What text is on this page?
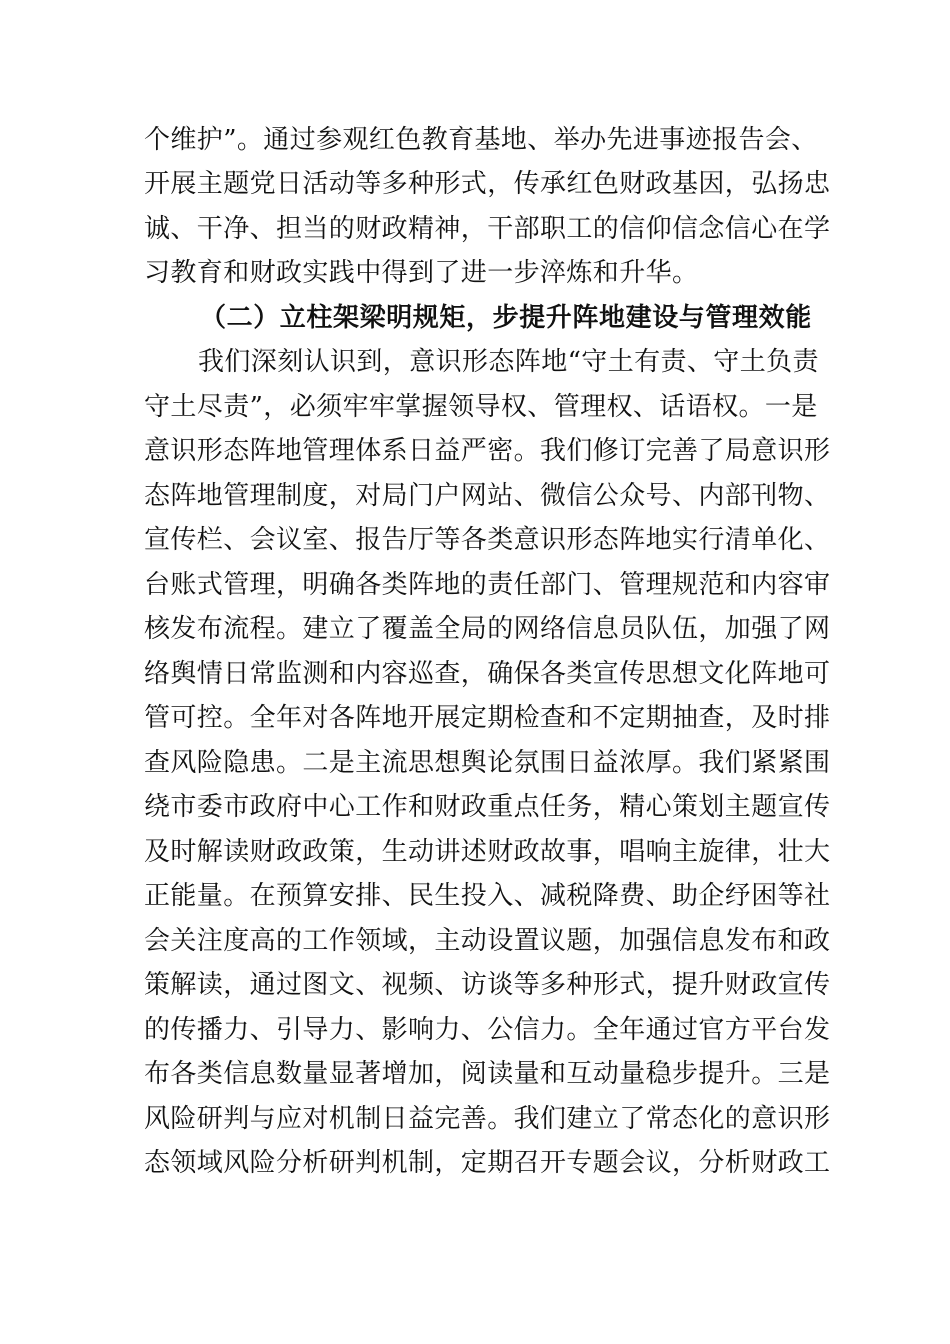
个维护”。通过参观红色教育基地、举办先进事迹报告会、
开展主题党日活动等多种形式，传承红色财政基因，弘扬忠
诚、干净、担当的财政精神，干部职工的信仰信念信心在学
习教育和财政实践中得到了进一步淬炼和升华。
（二）立柱架梁明规矩，步提升阵地建设与管理效能
我们深刻认识到，意识形态阵地“守土有责、守土负责
守土尽责”，必须牢牢掌握领导权、管理权、话语权。一是
意识形态阵地管理体系日益严密。我们修订完善了局意识形
态阵地管理制度，对局门户网站、微信公众号、内部刊物、
宣传栏、会议室、报告厅等各类意识形态阵地实行清单化、
台账式管理，明确各类阵地的责任部门、管理规范和内容审
核发布流程。建立了覆盖全局的网络信息员队伍，加强了网
络舆情日常监测和内容巡查，确保各类宣传思想文化阵地可
管可控。全年对各阵地开展定期检查和不定期抽查，及时排
查风险隐患。二是主流思想舆论氛围日益浓厚。我们紧紧围
绕市委市政府中心工作和财政重点任务，精心策划主题宣传
及时解读财政政策，生动讲述财政故事，唱响主旋律，壮大
正能量。在预算安排、民生投入、减税降费、助企纾困等社
会关注度高的工作领域，主动设置议题，加强信息发布和政
策解读，通过图文、视频、访谈等多种形式，提升财政宣传
的传播力、引导力、影响力、公信力。全年通过官方平台发
布各类信息数量显著增加，阅读量和互动量稳步提升。三是
风险研判与应对机制日益完善。我们建立了常态化的意识形
态领域风险分析研判机制，定期召开专题会议，分析财政工
